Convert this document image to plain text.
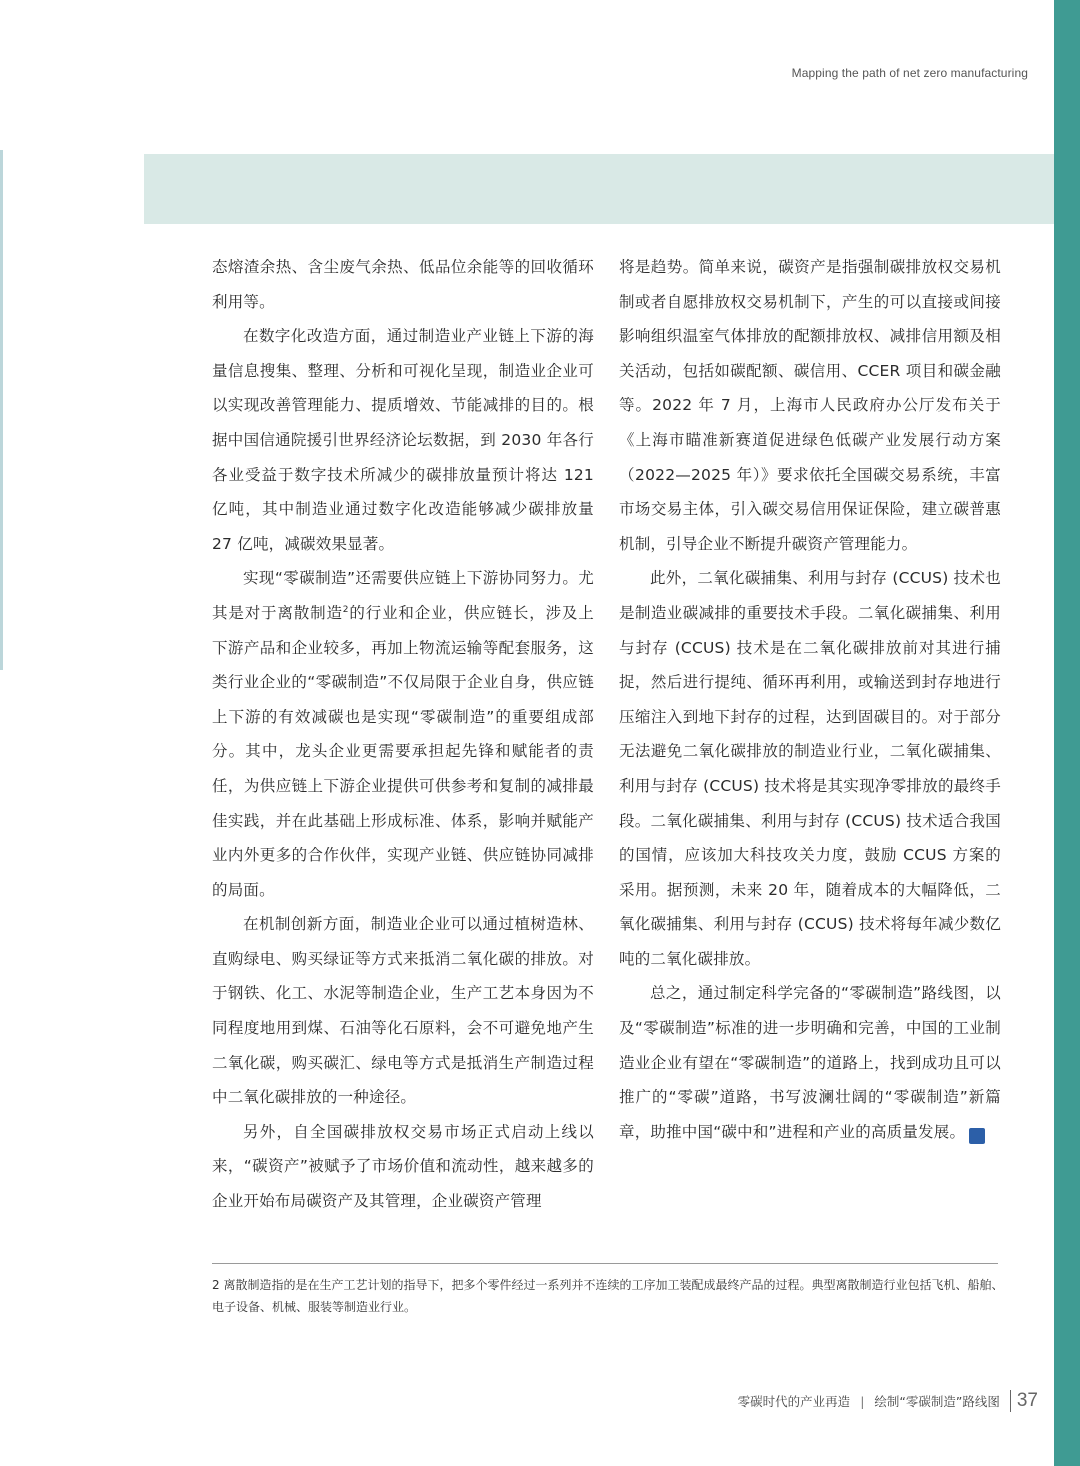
Mapping the path of net zero manufacturing

态熔渣余热、含尘废气余热、低品位余能等的回收循环利用等。

在数字化改造方面，通过制造业产业链上下游的海量信息搜集、整理、分析和可视化呈现，制造业企业可以实现改善管理能力、提质增效、节能减排的目的。根据中国信通院援引世界经济论坛数据，到 2030 年各行各业受益于数字技术所减少的碳排放量预计将达 121 亿吨，其中制造业通过数字化改造能够减少碳排放量 27 亿吨，减碳效果显著。

实现“零碳制造”还需要供应链上下游协同努力。尤其是对于离散制造$^2$的行业和企业，供应链长，涉及上下游产品和企业较多，再加上物流运输等配套服务，这类行业企业的“零碳制造”不仅局限于企业自身，供应链上下游的有效减碳也是实现“零碳制造”的重要组成部分。其中，龙头企业更需要承担起先锋和赋能者的责任，为供应链上下游企业提供可供参考和复制的减排最佳实践，并在此基础上形成标准、体系，影响并赋能产业内外更多的合作伙伴，实现产业链、供应链协同减排的局面。

在机制创新方面，制造业企业可以通过植树造林、直购绿电、购买绿证等方式来抵消二氧化碳的排放。对于钢铁、化工、水泥等制造企业，生产工艺本身因为不同程度地用到煤、石油等化石原料，会不可避免地产生二氧化碳，购买碳汇、绿电等方式是抵消生产制造过程中二氧化碳排放的一种途径。

另外，自全国碳排放权交易市场正式启动上线以来，“碳资产”被赋予了市场价值和流动性，越来越多的企业开始布局碳资产及其管理，企业碳资产管理

将是趋势。简单来说，碳资产是指强制碳排放权交易机制或者自愿排放权交易机制下，产生的可以直接或间接影响组织温室气体排放的配额排放权、减排信用额及相关活动，包括如碳配额、碳信用、CCER 项目和碳金融等。2022 年 7 月，上海市人民政府办公厅发布关于《上海市瞄准新赛道促进绿色低碳产业发展行动方案（2022—2025 年）》要求依托全国碳交易系统，丰富市场交易主体，引入碳交易信用保证保险，建立碳普惠机制，引导企业不断提升碳资产管理能力。

此外，二氧化碳捕集、利用与封存 (CCUS) 技术也是制造业碳减排的重要技术手段。二氧化碳捕集、利用与封存 (CCUS) 技术是在二氧化碳排放前对其进行捕捉，然后进行提纯、循环再利用，或输送到封存地进行压缩注入到地下封存的过程，达到固碳目的。对于部分无法避免二氧化碳排放的制造业行业，二氧化碳捕集、利用与封存 (CCUS) 技术将是其实现净零排放的最终手段。二氧化碳捕集、利用与封存 (CCUS) 技术适合我国的国情，应该加大科技攻关力度，鼓励 CCUS 方案的采用。据预测，未来 20 年，随着成本的大幅降低，二氧化碳捕集、利用与封存 (CCUS) 技术将每年减少数亿吨的二氧化碳排放。

总之，通过制定科学完备的“零碳制造”路线图，以及“零碳制造”标准的进一步明确和完善，中国的工业制造业企业有望在“零碳制造”的道路上，找到成功且可以推广的“零碳”道路，书写波澜壮阔的“零碳制造”新篇章，助推中国“碳中和”进程和产业的高质量发展。	⚡

2 离散制造指的是在生产工艺计划的指导下，把多个零件经过一系列并不连续的工序加工装配成最终产品的过程。典型离散制造行业包括飞机、船舶、电子设备、机械、服装等制造业行业。
零碳时代的产业再造 | 绘制“零碳制造”路线图 37
